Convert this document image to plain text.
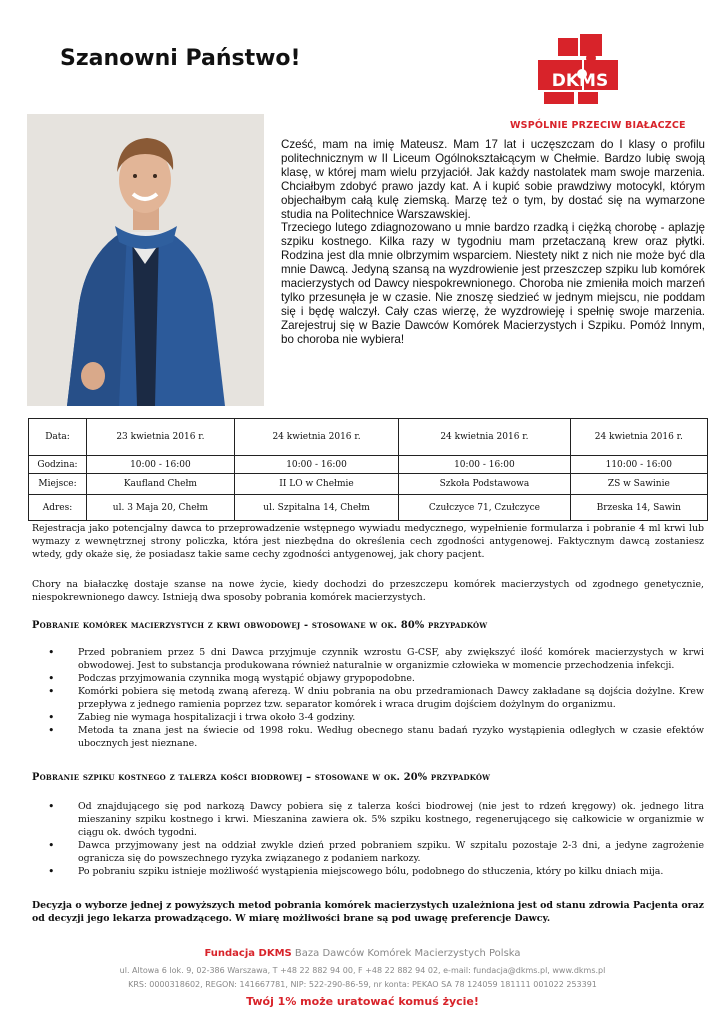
Szanowni Państwo!
DKMS
WSPÓLNIE PRZECIW BIAŁACZCE
Cześć, mam na imię Mateusz. Mam 17 lat i uczęszczam do I klasy o profilu politechnicznym w II Liceum Ogólnokształcącym w Chełmie. Bardzo lubię swoją klasę, w której mam wielu przyjaciół. Jak każdy nastolatek mam swoje marzenia. Chciałbym zdobyć prawo jazdy kat. A i kupić sobie prawdziwy motocykl, którym objechałbym całą kulę ziemską. Marzę też o tym, by dostać się na wymarzone studia na Politechnice Warszawskiej.
Trzeciego lutego zdiagnozowano u mnie bardzo rzadką i ciężką chorobę - aplazję szpiku kostnego. Kilka razy w tygodniu mam przetaczaną krew oraz płytki. Rodzina jest dla mnie olbrzymim wsparciem. Niestety nikt z nich nie może być dla mnie Dawcą. Jedyną szansą na wyzdrowienie jest przeszczep szpiku lub komórek macierzystych od Dawcy niespokrewnionego. Choroba nie zmieniła moich marzeń tylko przesunęła je w czasie. Nie znoszę siedzieć w jednym miejscu, nie poddam się i będę walczył. Cały czas wierzę, że wyzdrowieję i spełnię swoje marzenia. Zarejestruj się w Bazie Dawców Komórek Macierzystych i Szpiku. Pomóż Innym, bo choroba nie wybiera!
Data:	23 kwietnia 2016 r.	24 kwietnia 2016 r.	24 kwietnia 2016 r.	24 kwietnia 2016 r.
Godzina:	10:00 - 16:00	10:00 - 16:00	10:00 - 16:00	110:00 - 16:00
Miejsce:	Kaufland Chełm	II LO w Chełmie	Szkoła Podstawowa	ZS w Sawinie
Adres:	ul. 3 Maja 20, Chełm	ul. Szpitalna 14, Chełm	Czułczyce 71, Czułczyce	Brzeska 14, Sawin
Rejestracja jako potencjalny dawca to przeprowadzenie wstępnego wywiadu medycznego, wypełnienie formularza i pobranie 4 ml krwi lub wymazy z wewnętrznej strony policzka, która jest niezbędna do określenia cech zgodności antygenowej. Faktycznym dawcą zostaniesz wtedy, gdy okaże się, że posiadasz takie same cechy zgodności antygenowej, jak chory pacjent.
Chory na białaczkę dostaje szanse na nowe życie, kiedy dochodzi do przeszczepu komórek macierzystych od zgodnego genetycznie, niespokrewnionego dawcy. Istnieją dwa sposoby pobrania komórek macierzystych.
Pobranie komórek macierzystych z krwi obwodowej - stosowane w ok. 80% przypadków
• Przed pobraniem przez 5 dni Dawca przyjmuje czynnik wzrostu G-CSF, aby zwiększyć ilość komórek macierzystych w krwi obwodowej. Jest to substancja produkowana również naturalnie w organizmie człowieka w momencie przechodzenia infekcji.
• Podczas przyjmowania czynnika mogą wystąpić objawy grypopodobne.
• Komórki pobiera się metodą zwaną aferezą. W dniu pobrania na obu przedramionach Dawcy zakładane są dojścia dożylne. Krew przepływa z jednego ramienia poprzez tzw. separator komórek i wraca drugim dojściem dożylnym do organizmu.
• Zabieg nie wymaga hospitalizacji i trwa około 3-4 godziny.
• Metoda ta znana jest na świecie od 1998 roku. Według obecnego stanu badań ryzyko wystąpienia odległych w czasie efektów ubocznych jest nieznane.
Pobranie szpiku kostnego z talerza kości biodrowej – stosowane w ok. 20% przypadków
• Od znajdującego się pod narkozą Dawcy pobiera się z talerza kości biodrowej (nie jest to rdzeń kręgowy) ok. jednego litra mieszaniny szpiku kostnego i krwi. Mieszanina zawiera ok. 5% szpiku kostnego, regenerującego się całkowicie w organizmie w ciągu ok. dwóch tygodni.
• Dawca przyjmowany jest na oddział zwykle dzień przed pobraniem szpiku. W szpitalu pozostaje 2-3 dni, a jedyne zagrożenie ogranicza się do powszechnego ryzyka związanego z podaniem narkozy.
• Po pobraniu szpiku istnieje możliwość wystąpienia miejscowego bólu, podobnego do stłuczenia, który po kilku dniach mija.
Decyzja o wyborze jednej z powyższych metod pobrania komórek macierzystych uzależniona jest od stanu zdrowia Pacjenta oraz od decyzji jego lekarza prowadzącego. W miarę możliwości brane są pod uwagę preferencje Dawcy.
Fundacja DKMS Baza Dawców Komórek Macierzystych Polska
ul. Altowa 6 lok. 9, 02-386 Warszawa, T +48 22 882 94 00, F +48 22 882 94 02, e-mail: fundacja@dkms.pl, www.dkms.pl
KRS: 0000318602, REGON: 141667781, NIP: 522-290-86-59, nr konta: PEKAO SA 78 124059 181111 001022 253391
Twój 1% może uratować komuś życie!
